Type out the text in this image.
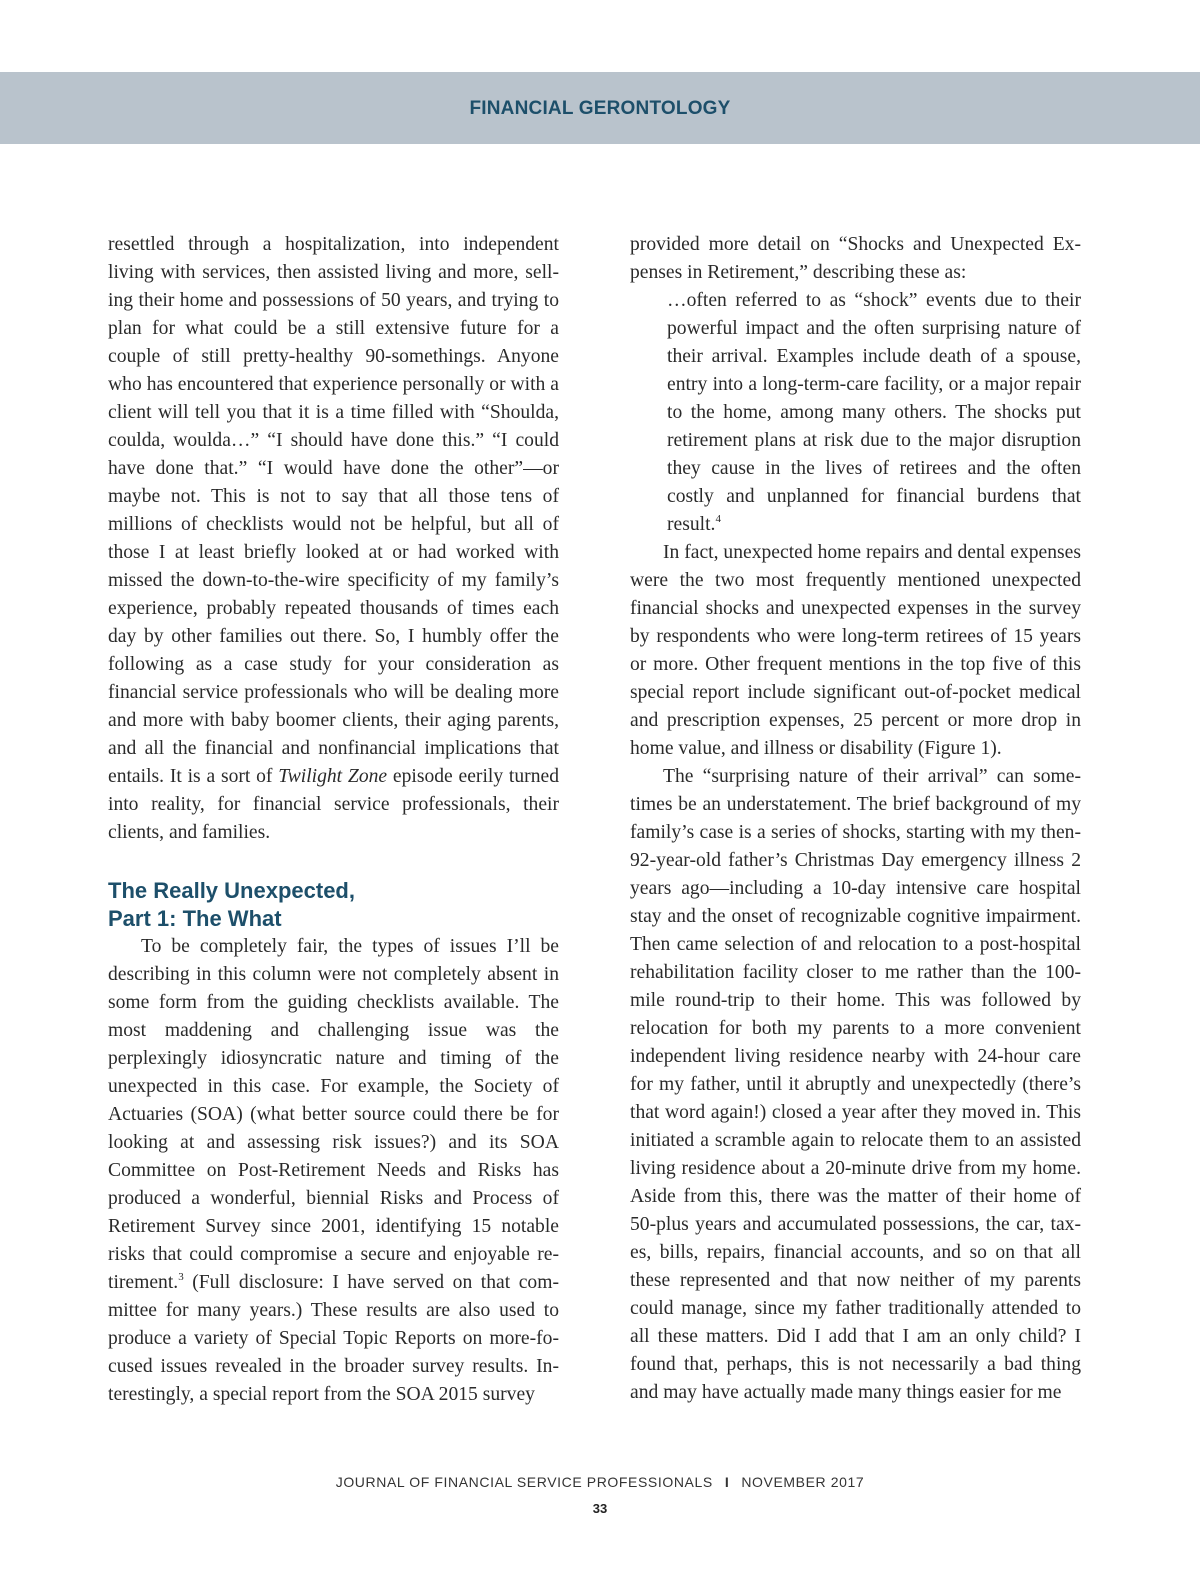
FINANCIAL GERONTOLOGY

resettled through a hospitalization, into independent living with services, then assisted living and more, selling their home and possessions of 50 years, and trying to plan for what could be a still extensive future for a couple of still pretty-healthy 90-somethings. Anyone who has encountered that experience personally or with a client will tell you that it is a time filled with “Shoulda, coulda, woulda…” “I should have done this.” “I could have done that.” “I would have done the other”—or maybe not. This is not to say that all those tens of millions of checklists would not be helpful, but all of those I at least briefly looked at or had worked with missed the down-to-the-wire specificity of my family’s experience, probably repeated thousands of times each day by other families out there. So, I humbly offer the following as a case study for your consideration as financial service professionals who will be dealing more and more with baby boomer clients, their aging parents, and all the financial and nonfinancial implications that entails. It is a sort of Twilight Zone episode eerily turned into reality, for financial service professionals, their clients, and families.

The Really Unexpected,
Part 1: The What

To be completely fair, the types of issues I’ll be describing in this column were not completely absent in some form from the guiding checklists available. The most maddening and challenging issue was the perplexingly idiosyncratic nature and timing of the unexpected in this case. For example, the Society of Actuaries (SOA) (what better source could there be for looking at and assessing risk issues?) and its SOA Committee on Post-Retirement Needs and Risks has produced a wonderful, biennial Risks and Process of Retirement Survey since 2001, identifying 15 notable risks that could compromise a secure and enjoyable retirement.$^3$ (Full disclosure: I have served on that committee for many years.) These results are also used to produce a variety of Special Topic Reports on more-focused issues revealed in the broader survey results. Interestingly, a special report from the SOA 2015 survey

provided more detail on “Shocks and Unexpected Expenses in Retirement,” describing these as:

…often referred to as “shock” events due to their powerful impact and the often surprising nature of their arrival. Examples include death of a spouse, entry into a long-term-care facility, or a major repair to the home, among many others. The shocks put retirement plans at risk due to the major disruption they cause in the lives of retirees and the often costly and unplanned for financial burdens that result.$^4$

In fact, unexpected home repairs and dental expenses were the two most frequently mentioned unexpected financial shocks and unexpected expenses in the survey by respondents who were long-term retirees of 15 years or more. Other frequent mentions in the top five of this special report include significant out-of-pocket medical and prescription expenses, 25 percent or more drop in home value, and illness or disability (Figure 1).

The “surprising nature of their arrival” can sometimes be an understatement. The brief background of my family’s case is a series of shocks, starting with my then-92-year-old father’s Christmas Day emergency illness 2 years ago—including a 10-day intensive care hospital stay and the onset of recognizable cognitive impairment. Then came selection of and relocation to a post-hospital rehabilitation facility closer to me rather than the 100-mile round-trip to their home. This was followed by relocation for both my parents to a more convenient independent living residence nearby with 24-hour care for my father, until it abruptly and unexpectedly (there’s that word again!) closed a year after they moved in. This initiated a scramble again to relocate them to an assisted living residence about a 20-minute drive from my home. Aside from this, there was the matter of their home of 50-plus years and accumulated possessions, the car, taxes, bills, repairs, financial accounts, and so on that all these represented and that now neither of my parents could manage, since my father traditionally attended to all these matters. Did I add that I am an only child? I found that, perhaps, this is not necessarily a bad thing and may have actually made many things easier for me

JOURNAL OF FINANCIAL SERVICE PROFESSIONALS I NOVEMBER 2017
33
